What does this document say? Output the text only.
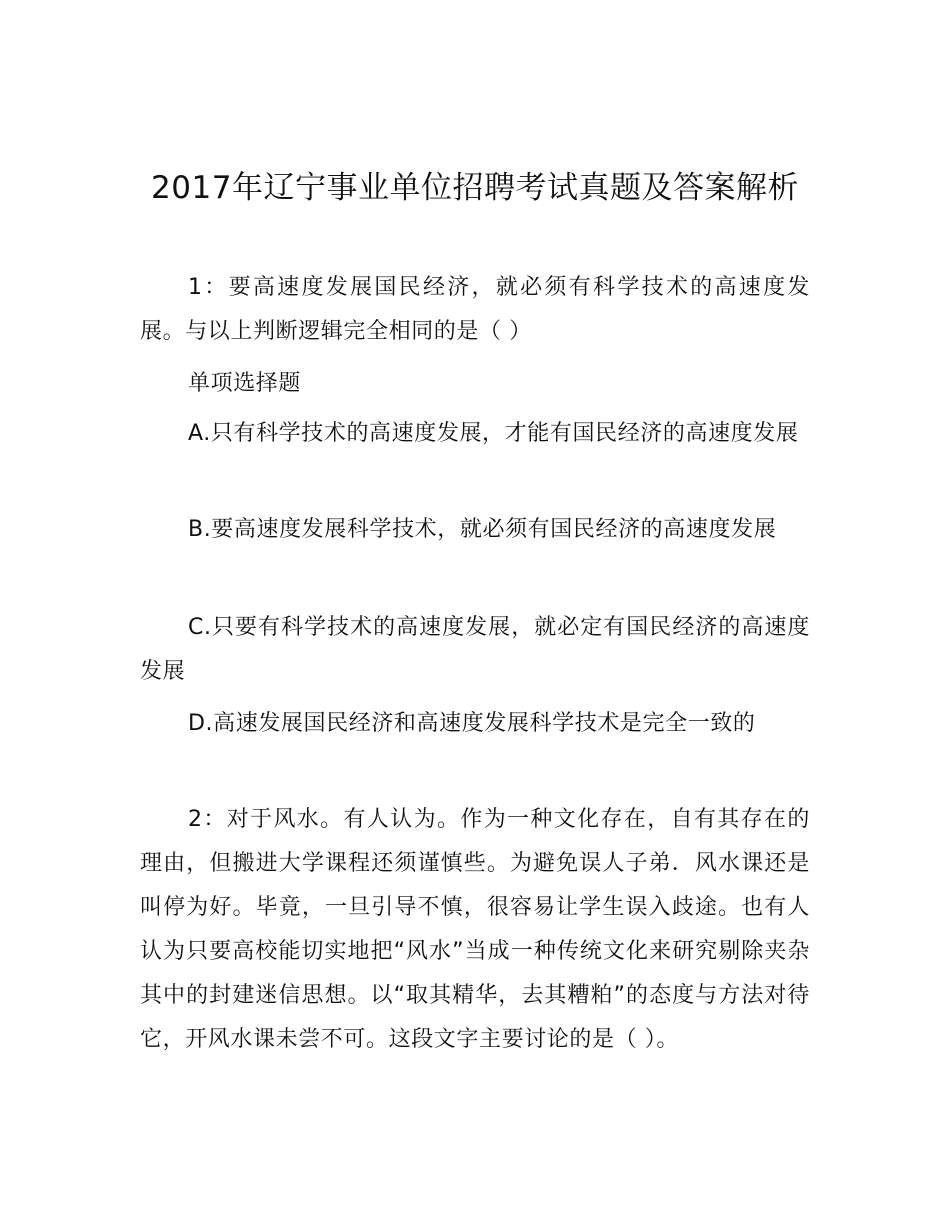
2017年辽宁事业单位招聘考试真题及答案解析

1：要高速度发展国民经济，就必须有科学技术的高速度发展。与以上判断逻辑完全相同的是（ ）

单项选择题

A.只有科学技术的高速度发展，才能有国民经济的高速度发展

B.要高速度发展科学技术，就必须有国民经济的高速度发展

C.只要有科学技术的高速度发展，就必定有国民经济的高速度发展

D.高速发展国民经济和高速度发展科学技术是完全一致的

2：对于风水。有人认为。作为一种文化存在，自有其存在的理由，但搬进大学课程还须谨慎些。为避免误人子弟．风水课还是叫停为好。毕竟，一旦引导不慎，很容易让学生误入歧途。也有人认为只要高校能切实地把“风水”当成一种传统文化来研究剔除夹杂其中的封建迷信思想。以“取其精华，去其糟粕”的态度与方法对待它，开风水课未尝不可。这段文字主要讨论的是（ ）。
